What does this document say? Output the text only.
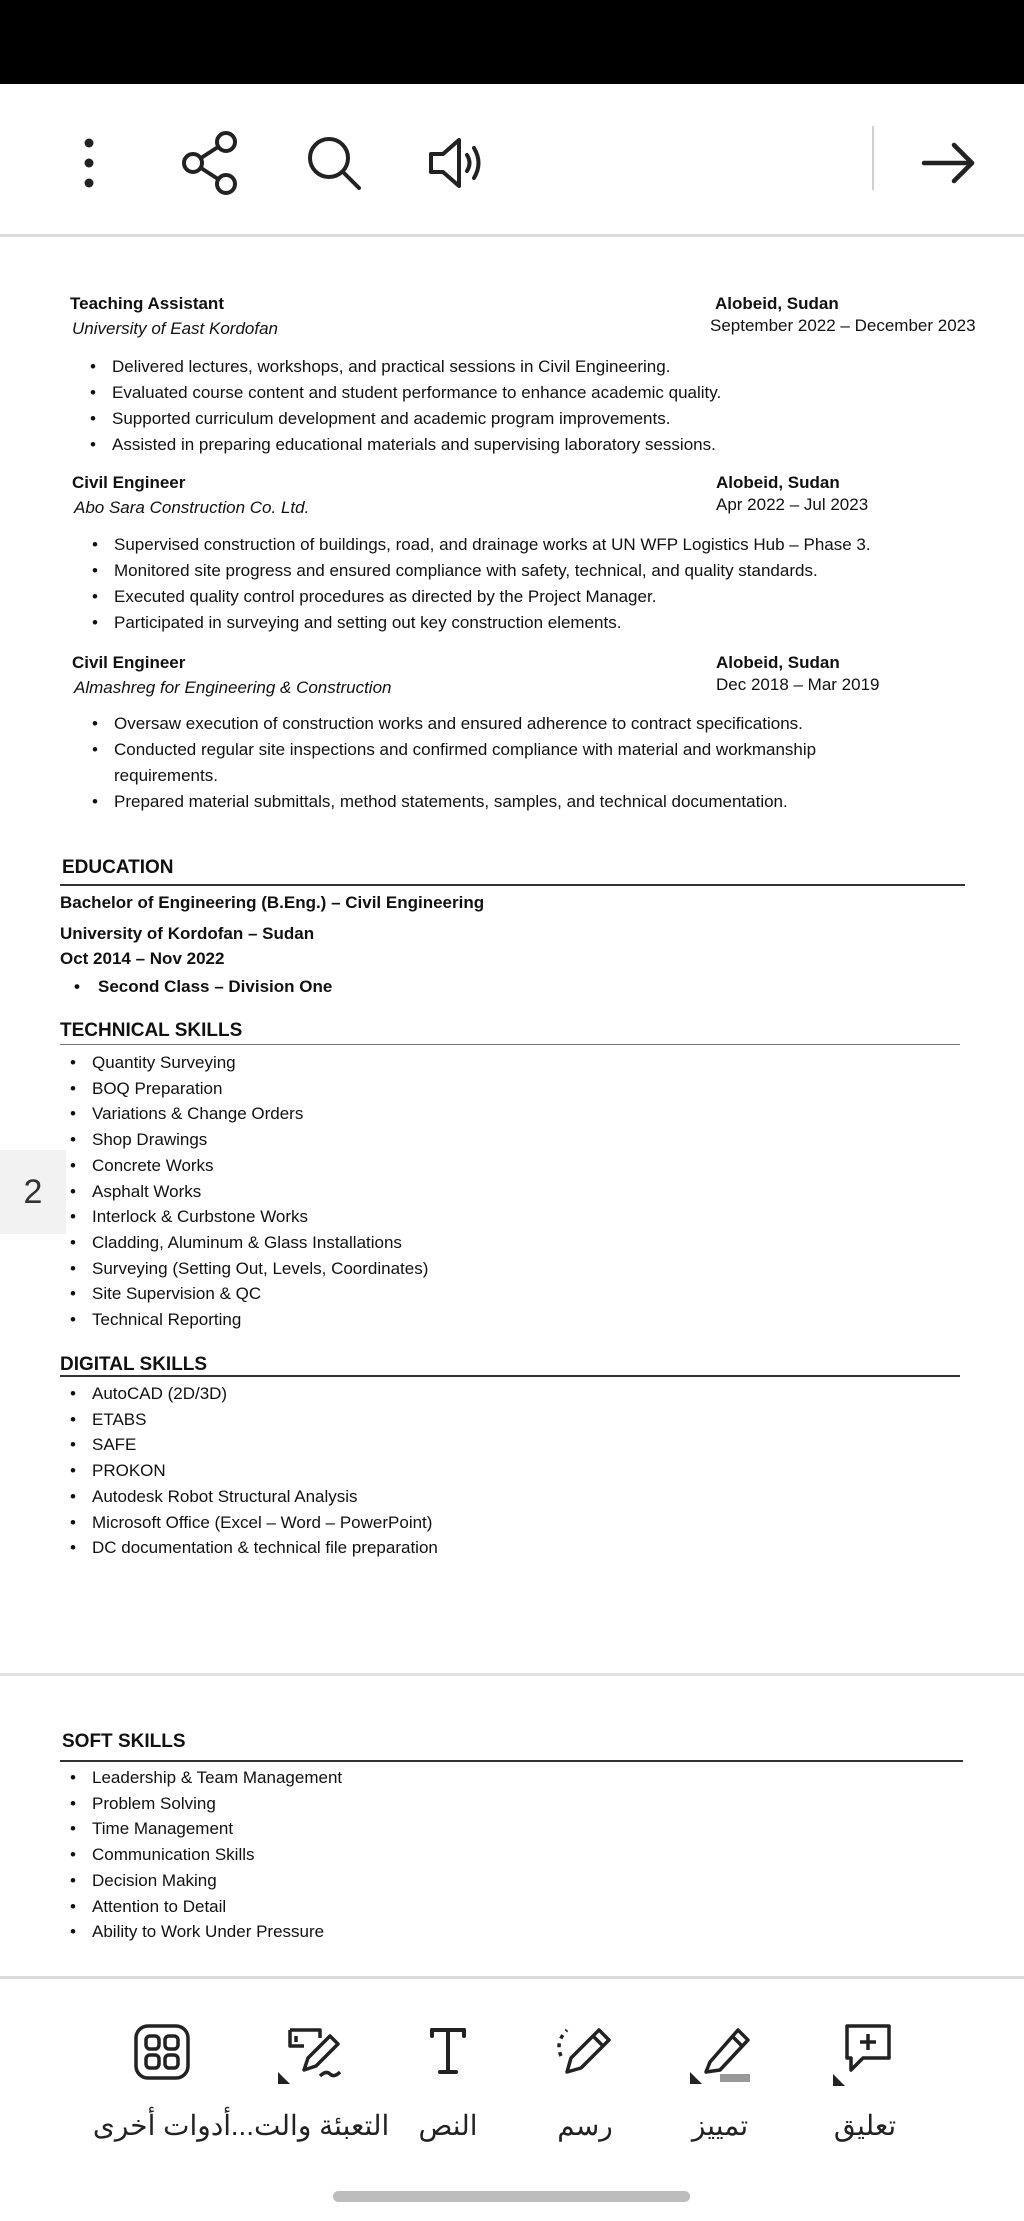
Teaching Assistant
University of East Kordofan
Alobeid, Sudan
September 2022 – December 2023
• Delivered lectures, workshops, and practical sessions in Civil Engineering.
• Evaluated course content and student performance to enhance academic quality.
• Supported curriculum development and academic program improvements.
• Assisted in preparing educational materials and supervising laboratory sessions.
Civil Engineer
Abo Sara Construction Co. Ltd.
Alobeid, Sudan
Apr 2022 – Jul 2023
• Supervised construction of buildings, road, and drainage works at UN WFP Logistics Hub – Phase 3.
• Monitored site progress and ensured compliance with safety, technical, and quality standards.
• Executed quality control procedures as directed by the Project Manager.
• Participated in surveying and setting out key construction elements.
Civil Engineer
Almashreg for Engineering & Construction
Alobeid, Sudan
Dec 2018 – Mar 2019
• Oversaw execution of construction works and ensured adherence to contract specifications.
• Conducted regular site inspections and confirmed compliance with material and workmanship requirements.
• Prepared material submittals, method statements, samples, and technical documentation.
EDUCATION
Bachelor of Engineering (B.Eng.) – Civil Engineering
University of Kordofan – Sudan
Oct 2014 – Nov 2022
• Second Class – Division One
TECHNICAL SKILLS
• Quantity Surveying
• BOQ Preparation
• Variations & Change Orders
• Shop Drawings
• Concrete Works
• Asphalt Works
• Interlock & Curbstone Works
• Cladding, Aluminum & Glass Installations
• Surveying (Setting Out, Levels, Coordinates)
• Site Supervision & QC
• Technical Reporting
DIGITAL SKILLS
• AutoCAD (2D/3D)
• ETABS
• SAFE
• PROKON
• Autodesk Robot Structural Analysis
• Microsoft Office (Excel – Word – PowerPoint)
• DC documentation & technical file preparation
2
SOFT SKILLS
• Leadership & Team Management
• Problem Solving
• Time Management
• Communication Skills
• Decision Making
• Attention to Detail
• Ability to Work Under Pressure
تعليق
تمييز
رسم
النص
التعبئة والت...
أدوات أخرى
